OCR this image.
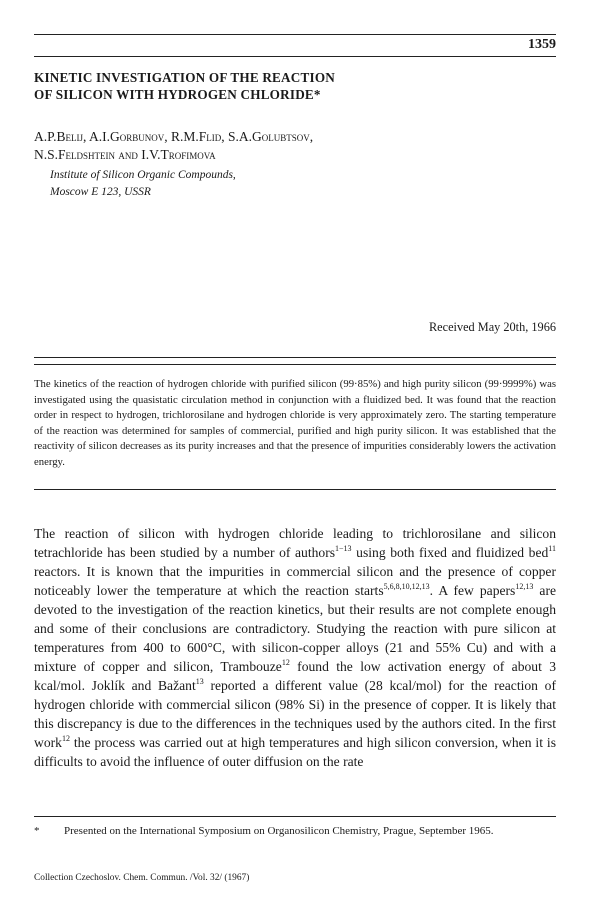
1359
KINETIC INVESTIGATION OF THE REACTION
OF SILICON WITH HYDROGEN CHLORIDE*
A.P.Belij, A.I.Gorbunov, R.M.Flid, S.A.Golubtsov,
N.S.Feldshtein and I.V.Trofimova
Institute of Silicon Organic Compounds,
Moscow E 123, USSR
Received May 20th, 1966
The kinetics of the reaction of hydrogen chloride with purified silicon (99·85%) and high purity silicon (99·9999%) was investigated using the quasistatic circulation method in conjunction with a fluidized bed. It was found that the reaction order in respect to hydrogen, trichlorosilane and hydrogen chloride is very approximately zero. The starting temperature of the reaction was determined for samples of commercial, purified and high purity silicon. It was established that the reactivity of silicon decreases as its purity increases and that the presence of impurities considerably lowers the activation energy.

The reaction of silicon with hydrogen chloride leading to trichlorosilane and silicon tetrachloride has been studied by a number of authors$^{1-13}$ using both fixed and fluidized bed$^{11}$ reactors. It is known that the impurities in commercial silicon and the presence of copper noticeably lower the temperature at which the reaction starts$^{5,6,8,10,12,13}$. A few papers$^{12,13}$ are devoted to the investigation of the reaction kinetics, but their results are not complete enough and some of their conclusions are contradictory. Studying the reaction with pure silicon at temperatures from 400 to 600°C, with silicon-copper alloys (21 and 55% Cu) and with a mixture of copper and silicon, Trambouze$^{12}$ found the low activation energy of about 3 kcal/mol. Joklík and Bažant$^{13}$ reported a different value (28 kcal/mol) for the reaction of hydrogen chloride with commercial silicon (98% Si) in the presence of copper. It is likely that this discrepancy is due to the differences in the techniques used by the authors cited. In the first work$^{12}$ the process was carried out at high temperatures and high silicon conversion, when it is difficults to avoid the influence of outer diffusion on the rate

* Presented on the International Symposium on Organosilicon Chemistry, Prague, September 1965.
Collection Czechoslov. Chem. Commun. /Vol. 32/ (1967)
